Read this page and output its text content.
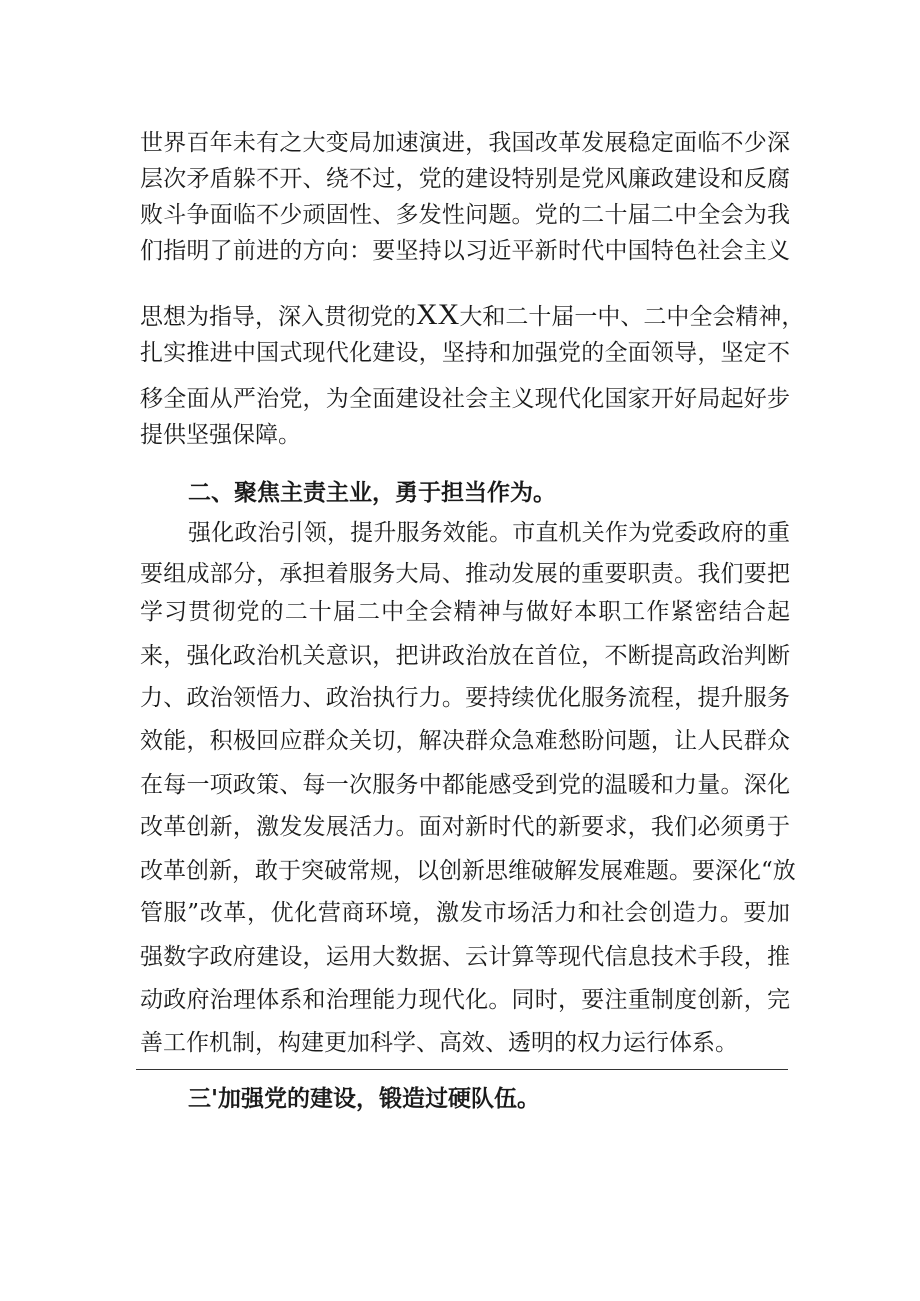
世界百年未有之大变局加速演进，我国改革发展稳定面临不少深
层次矛盾躲不开、绕不过，党的建设特别是党风廉政建设和反腐
败斗争面临不少顽固性、多发性问题。党的二十届二中全会为我
们指明了前进的方向：要坚持以习近平新时代中国特色社会主义
思想为指导，深入贯彻党的XX大和二十届一中、二中全会精神，
扎实推进中国式现代化建设，坚持和加强党的全面领导，坚定不
移全面从严治党，为全面建设社会主义现代化国家开好局起好步
提供坚强保障。
二、聚焦主责主业，勇于担当作为。
强化政治引领，提升服务效能。市直机关作为党委政府的重
要组成部分，承担着服务大局、推动发展的重要职责。我们要把
学习贯彻党的二十届二中全会精神与做好本职工作紧密结合起
来，强化政治机关意识，把讲政治放在首位，不断提高政治判断
力、政治领悟力、政治执行力。要持续优化服务流程，提升服务
效能，积极回应群众关切，解决群众急难愁盼问题，让人民群众
在每一项政策、每一次服务中都能感受到党的温暖和力量。深化
改革创新，激发发展活力。面对新时代的新要求，我们必须勇于
改革创新，敢于突破常规，以创新思维破解发展难题。要深化“放
管服”改革，优化营商环境，激发市场活力和社会创造力。要加
强数字政府建设，运用大数据、云计算等现代信息技术手段，推
动政府治理体系和治理能力现代化。同时，要注重制度创新，完
善工作机制，构建更加科学、高效、透明的权力运行体系。
三'加强党的建设，锻造过硬队伍。
